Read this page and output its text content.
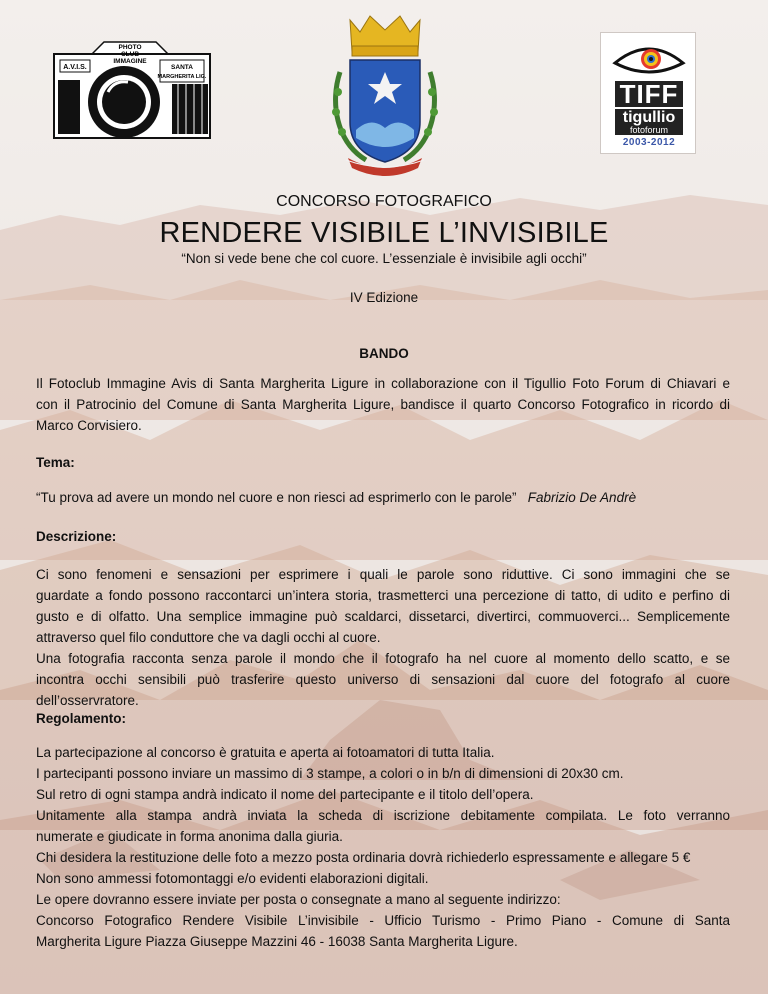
PHOTO
CLUB
IMMAGINE
A.V.I.S.	SANTA
MARGHERITA LIG.
TIFF
tigullio
fotoforum
2003-2012
CONCORSO FOTOGRAFICO
RENDERE VISIBILE L’INVISIBILE
“Non si vede bene che col cuore. L’essenziale è invisibile agli occhi”
IV Edizione
BANDO
Il Fotoclub Immagine Avis di Santa Margherita Ligure in collaborazione con il Tigullio Foto Forum di Chiavari e
con il Patrocinio del Comune di Santa Margherita Ligure, bandisce il quarto Concorso Fotografico in ricordo di
Marco Corvisiero.
Tema:
“Tu prova ad avere un mondo nel cuore e non riesci ad esprimerlo con le parole” Fabrizio De Andrè
Descrizione:
Ci sono fenomeni e sensazioni per esprimere i quali le parole sono riduttive. Ci sono immagini che se
guardate a fondo possono raccontarci un’intera storia, trasmetterci una percezione di tatto, di udito e perfino di
gusto e di olfatto. Una semplice immagine può scaldarci, dissetarci, divertirci, commuoverci... Semplicemente
attraverso quel filo conduttore che va dagli occhi al cuore.
Una fotografia racconta senza parole il mondo che il fotografo ha nel cuore al momento dello scatto, e se
incontra occhi sensibili può trasferire questo universo di sensazioni dal cuore del fotografo al cuore
dell’osservratore.
Regolamento:
La partecipazione al concorso è gratuita e aperta ai fotoamatori di tutta Italia.
I partecipanti possono inviare un massimo di 3 stampe, a colori o in b/n di dimensioni di 20x30 cm.
Sul retro di ogni stampa andrà indicato il nome del partecipante e il titolo dell’opera.
Unitamente alla stampa andrà inviata la scheda di iscrizione debitamente compilata. Le foto verranno
numerate e giudicate in forma anonima dalla giuria.
Chi desidera la restituzione delle foto a mezzo posta ordinaria dovrà richiederlo espressamente e allegare 5 €
Non sono ammessi fotomontaggi e/o evidenti elaborazioni digitali.
Le opere dovranno essere inviate per posta o consegnate a mano al seguente indirizzo:
Concorso Fotografico Rendere Visibile L’invisibile - Ufficio Turismo - Primo Piano - Comune di Santa
Margherita Ligure Piazza Giuseppe Mazzini 46 - 16038 Santa Margherita Ligure.
